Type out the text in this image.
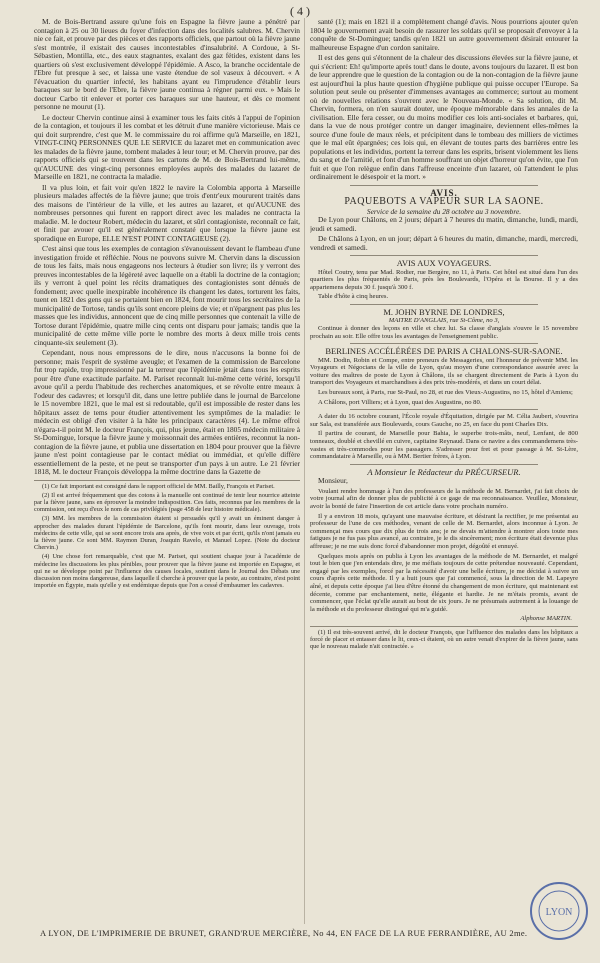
( 4 )

M. de Bois-Bertrand assure qu'une fois en Espagne la fièvre jaune a pénétré par contagion à 25 ou 30 lieues du foyer d'infection dans des localités salubres. M. Chervin nie ce fait, et prouve par des pièces et des rapports officiels, que partout où la fièvre jaune s'est montrée, il existait des causes incontestables d'insalubrité. A Cordoue, à St-Sébastien, Montilla, etc., des eaux stagnantes, exalant des gaz fétides, existent dans les quartiers où s'est exclusivement développé l'épidémie. A Asco, la branche occidentale de l'Ebre fut presque à sec, et laissa une vaste étendue de sol vaseux à découvert. « A l'évacuation du quartier infecté, les habitans ayant eu l'imprudence d'établir leurs baraques sur le bord de l'Ebre, la fièvre jaune continua à régner parmi eux. » Mais le docteur Carbo tit enlever et porter ces baraques sur une hauteur, et dès ce moment personne ne mourut (1).

Le docteur Chervin continue ainsi à examiner tous les faits cités à l'appui de l'opinion de la contagion, et toujours il les combat et les détruit d'une manière victorieuse. Mais ce qui doit surprendre, c'est que M. le commissaire du roi affirme qu'à Marseille, en 1821, VINGT-CINQ PERSONNES QUE LE SERVICE du lazaret met en communication avec les malades de la fièvre jaune, tombent malades à leur tour; et M. Chervin prouve, par des rapports officiels qui se trouvent dans les cartons de M. de Bois-Bertrand lui-même, qu'AUCUNE des vingt-cinq personnes employées auprès des malades du lazaret de Marseille en 1821, ne contracta la maladie.

Il va plus loin, et fait voir qu'en 1822 le navire la Colombia apporta à Marseille plusieurs malades affectés de la fièvre jaune; que trois d'entr'eux moururent traités dans des maisons de l'intérieur de la ville, et les autres au lazaret, et qu'AUCUNE des nombreuses personnes qui furent en rapport direct avec les malades ne contracta la maladie. M. le docteur Robert, médecin du lazaret, et sûrl contagioniste, reconnaît ce fait, et finit par avouer qu'il est généralement constaté que lorsque la fièvre jaune est sporadique en Europe, ELLE N'EST POINT CONTAGIEUSE (2).

C'est ainsi que tous les exemples de contagion s'évanouissent devant le flambeau d'une investigation froide et réfléchie. Nous ne pouvons suivre M. Chervin dans la discussion de tous les faits, mais nous engageons nos lecteurs à étudier son livre; ils y verront des preuves incontestables de la légèreté avec laquelle on a établi la doctrine de la contagion; ils y verront à quel point les récits dramatiques des contagionistes sont dénués de fondement; avec quelle inexpirable incohérence ils changent les dates, torturent les faits, tuent en 1821 des gens qui se portaient bien en 1824, font mourir tous les secrétaires de la municipalité de Tortose, tandis qu'ils sont encore pleins de vie; et n'épargnent pas plus les masses que les individus, annoncent que de cinq mille personnes que contenait la ville de Tortose durant l'épidémie, quatre mille cinq cents ont disparu pour jamais; tandis que la municipalité de cette même ville porte le nombre des morts à deux mille trois cents cinquante-six seulement (3).

Cependant, nous nous empressons de le dire, nous n'accusons la bonne foi de personne; mais l'esprit de système aveugle; et l'examen de la commission de Barcelone fut trop rapide, trop impressionné par la terreur que l'épidémie jetait dans tous les esprits pour être d'une exactitude parfaite. M. Pariset reconnaît lui-même cette vérité, lorsqu'il avoue qu'il a perdu l'habitude des recherches anatomiques, et se révolte entre meaux à l'odeur des cadavres; et lorsqu'il dit, dans une lettre publiée dans le journal de Barcelone le 15 novembre 1821, que le mal est si redoutable, qu'il est impossible de rester dans les hôpitaux assez de tems pour étudier attentivement les symptômes de la maladie: le médecin est obligé d'en visiter à la hâte les principaux caractères (4). Le même effroi n'égara-t-il point M. le docteur François, qui, plus jeune, était en 1805 médecin militaire à St-Domingue, lorsque la fièvre jaune y moissonnait des armées entières, reconnut la non-contagion de la fièvre jaune, et publia une dissertation en 1804 pour prouver que la fièvre jaune n'est point contagieuse par le contact médiat ou immédiat, et qu'elle diffère essentiellement de la peste, et ne peut se transporter d'un pays à un autre. Le 21 février 1818, M. le docteur François développa la même doctrine dans la Gazette de

(1) Ce fait important est consigné dans le rapport officiel de MM. Bailly, François et Pariset.

(2) Il est arrivé fréquemment que des cotons à la manuelle ont continué de tenir leur nourrice atteinte par la fièvre jaune, sans en éprouver la moindre indisposition. Ces faits, reconnus par les membres de la commission, ont reçu d'eux le nom de cas privilégiés (page 458 de leur histoire médicale).

(3) MM. les membres de la commission étaient si persuadés qu'il y avait un éminent danger à approcher des malades durant l'épidémie de Barcelone, qu'ils font mourir, dans leur ouvrage, trois médecins de cette ville, qui se sont encore trois ans après, de vive voix et par écrit, qu'ils n'ont jamais eu la fièvre jaune. Ce sont MM. Raymon Duran, Joaquin Ravelo, et Manuel Lopez. (Note du docteur Chervin.)

(4) Une chose fort remarquable, c'est que M. Pariset, qui soutient chaque jour à l'académie de médecine les discussions les plus pénibles, pour prouver que la fièvre jaune est importée en Espagne, et qui ne se développe point par l'influence des causes locales, soutient dans le Journal des Débats une discussion non moins dangereuse, dans laquelle il cherche à prouver que la peste, au contraire, n'est point importée en Égypte, mais qu'elle y est endémique depuis que l'on a cessé d'embaumer les cadavres.

santé (1); mais en 1821 il a complètement changé d'avis. Nous pourrions ajouter qu'en 1804 le gouvernement avait besoin de rassurer les soldats qu'il se proposait d'envoyer à la conquête de St-Domingue; tandis qu'en 1821 un autre gouvernement désirait entourer la malheureuse Espagne d'un cordon sanitaire.

Il est des gens qui s'étonnent de la chaleur des discussions élevées sur la fièvre jaune, et qui s'écrient: Eh! qu'importe après tout! dans le doute, avons toujours du lazaret. Il est bon de leur apprendre que le question de la contagion ou de la non-contagion de la fièvre jaune est aujourd'hui la plus haute question d'hygiène publique qui puisse occuper l'Europe. Sa solution peut seule ou présenter d'immenses avantages au commerce; surtout au moment où de nouvelles relations s'ouvrent avec le Nouveau-Monde. « Sa solution, dit M. Chervin, formera, on n'en saurait douter, une époque mémorable dans les annales de la civilisation. Elle fera cesser, ou du moins modifier ces lois anti-sociales et barbares, qui, dans la vue de nous protéger contre un danger imaginaire, deviennent elles-mêmes la source d'une foule de maux réels, et précipitent dans le tombeau des milliers de victimes que le mal eût épargnées; ces lois qui, en élevant de toutes parts des barrières entre les populations et les individus, portent la terreur dans les esprits, brisent violemment les liens du sang et de l'amitié, et font d'un homme souffrant un objet d'horreur qu'on évite, que l'on fuit et que l'on relègue enfin dans l'affreuse enceinte d'un lazaret, où l'attendent le plus ordinairement le désespoir et la mort. »

AVIS.
PAQUEBOTS A VAPEUR SUR LA SAONE.
Service de la semaine du 28 octobre au 3 novembre.

De Lyon pour Châlons, en 2 jours; départ à 7 heures du matin, dimanche, lundi, mardi, jeudi et samedi.

De Châlons à Lyon, en un jour; départ à 6 heures du matin, dimanche, mardi, mercredi, vendredi et samedi.

AVIS AUX VOYAGEURS.

Hôtel Coutry, tenu par Mad. Rodier, rue Bergère, no 11, à Paris. Cet hôtel est situé dans l'un des quartiers les plus fréquentés de Paris, près les Boulevards, l'Opéra et la Bourse. Il y a des appartemens depuis 30 f. jusqu'à 300 f.

Table d'hôte à cinq heures.

M. JOHN BYRNE DE LONDRES,
MAITRE D'ANGLAIS, rue St-Côme, no 3,

Continue à donner des leçons en ville et chez lui. Sa classe d'anglais s'ouvre le 15 novembre prochain au soir. Elle offre tous les avantages de l'enseignement public.

BERLINES ACCÉLÉRÉES DE PARIS A CHALONS-SUR-SAONE.

MM. Dodin, Robin et Compe, entre preneurs de Messageries, ont l'honneur de prévenir MM. les Voyageurs et Négocians de la ville de Lyon, qu'au moyen d'une correspondance assurée avec la voiture des maîtres de poste de Lyon à Châlons, ils se chargent directement de Paris à Lyon du transport des Voyageurs et marchandises à des prix très-modérés, et dans un court délai.

Les bureaux sont, à Paris, rue St-Paul, no 28, et rue des Vieux-Augustins, no 15, hôtel d'Amiens;

A Châlons, port Villiers; et à Lyon, quai des Augustins, no 80.

A dater du 16 octobre courant, l'École royale d'Équitation, dirigée par M. Célia Jaubert, s'ouvrira sur Sala, est transférée aux Boulevards, cours Gauche, no 25, en face du pont Charles Dix.

Il partira de courant, de Marseille pour Bahia, le superbe trois-mâts, neuf, Lenfant, de 800 tonneaux, doublé et chevillé en cuivre, capitaine Reynaud. Dans ce navire a des commandemens très-vastes et très-commodes pour les passagers. S'adresser pour fret et pour passage à M. St-Lère, commandataire à Marseille, ou à MM. Bertier frères, à Lyon.

A Monsieur le Rédacteur du PRÉCURSEUR.

Monsieur,

Voulant rendre hommage à l'un des professeurs de la méthode de M. Bernardet, j'ai fait choix de votre journal afin de donner plus de publicité à ce gage de ma reconnaissance. Veuillez, Monsieur, avoir la bonté de faire l'insertion de cet article dans votre prochain numéro.

Il y a environ 18 mois, qu'ayant une mauvaise écriture, et désirant la rectifier, je me présentai au professeur de l'une de ces méthodes, venant de celle de M. Bernardet, alors inconnue à Lyon. Je commençai mes cours que dix plus de trois ans; je ne devais m'attendre à montrer alors toute mes fatigues je ne fus pas plus avancé, au contraire, je le dis sincèrement; mon écriture était devenue plus affreuse; je ne me suis donc forcé d'abandonner mon projet, dégoûté et ennuyé.

Quelques mois après on publia à Lyon les avantages de la méthode de M. Bernardet, et malgré tout le bien que j'en entendais dire, je me méfiais toujours de cette prétendue nouveauté. Cependant, engagé par les exemples, forcé par la nécessité d'avoir une belle écriture, je me décidai à suivre un cours d'après cette méthode. Il y a huit jours que j'ai commencé, sous la direction de M. Lapeyre aîné, et depuis cette époque j'ai lieu d'être étonné du changement de mon écriture, qui maintenant est décente, comme par enchantement, nette, élégante et hardie. Je ne m'étais promis, avant de commencer, que l'éclat qu'elle aurait au bout de six jours. Je ne présumais autrement à la louange de la méthode et du professeur distingué qui m'a guidé.

Alphonse MARTIN.

(1) Il est très-souvent arrivé, dit le docteur François, que l'affluence des malades dans les hôpitaux a forcé de placer et entasser dans le lit, ceux-ci étaient, où un autre venait d'expirer de la fièvre jaune, sans que le nouveau malade n'ait contractée. »

A LYON, DE L'IMPRIMERIE DE BRUNET, GRAND'RUE MERCIÈRE, No 44, EN FACE DE LA RUE FERRANDIÈRE, AU 2me.
LYON
